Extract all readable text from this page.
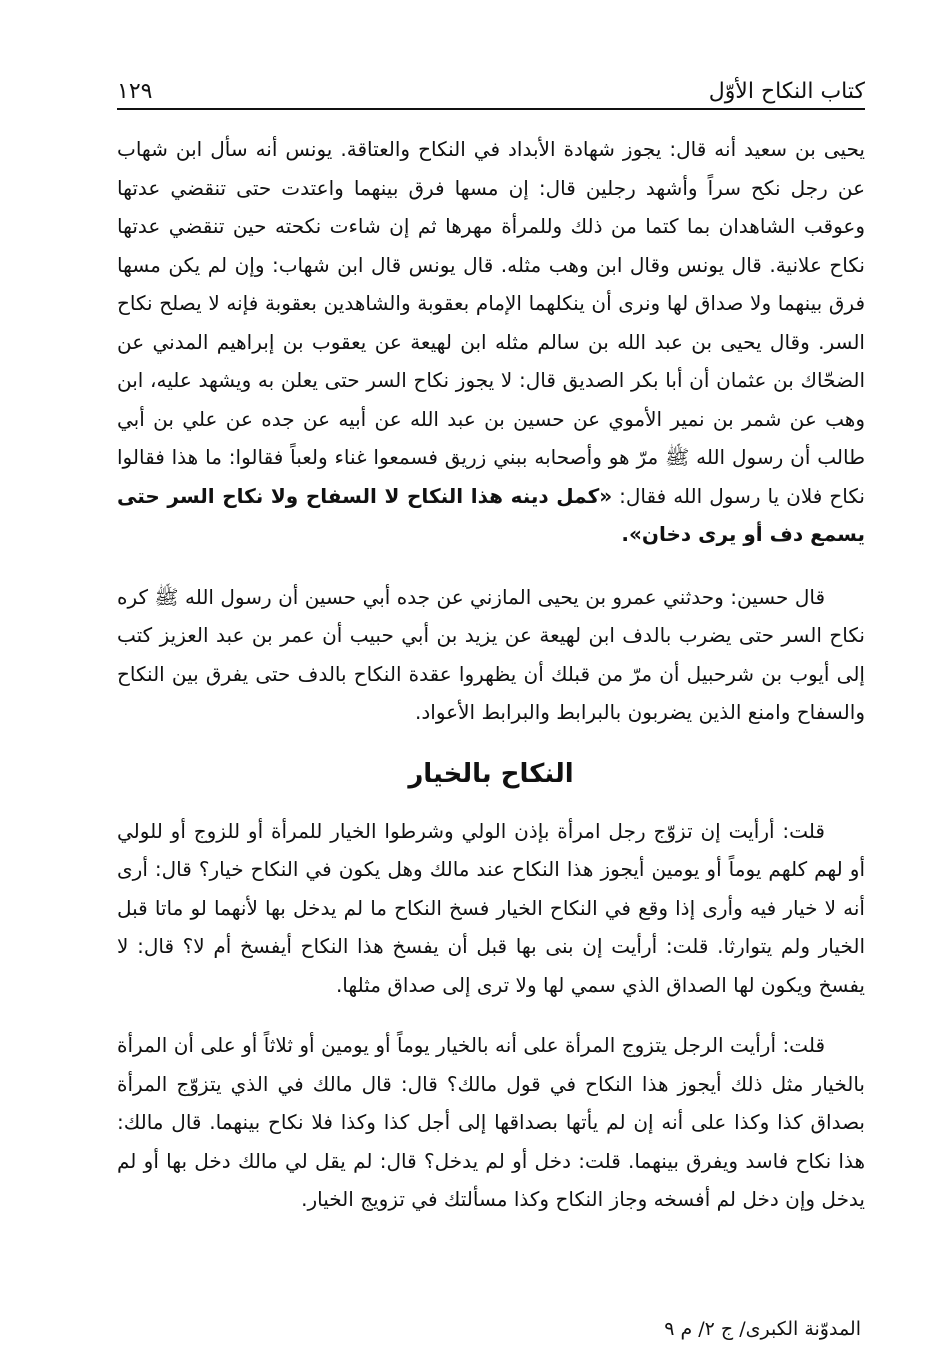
كتاب النكاح الأوّل
١٢٩

يحيى بن سعيد أنه قال: يجوز شهادة الأبداد في النكاح والعتاقة. يونس أنه سأل ابن شهاب عن رجل نكح سراً وأشهد رجلين قال: إن مسها فرق بينهما واعتدت حتى تنقضي عدتها وعوقب الشاهدان بما كتما من ذلك وللمرأة مهرها ثم إن شاءت نكحته حين تنقضي عدتها نكاح علانية. قال يونس وقال ابن وهب مثله. قال يونس قال ابن شهاب: وإن لم يكن مسها فرق بينهما ولا صداق لها ونرى أن ينكلهما الإمام بعقوبة والشاهدين بعقوبة فإنه لا يصلح نكاح السر. وقال يحيى بن عبد الله بن سالم مثله ابن لهيعة عن يعقوب بن إبراهيم المدني عن الضحّاك بن عثمان أن أبا بكر الصديق قال: لا يجوز نكاح السر حتى يعلن به ويشهد عليه، ابن وهب عن شمر بن نمير الأموي عن حسين بن عبد الله عن أبيه عن جده عن علي بن أبي طالب أن رسول الله ﷺ مرّ هو وأصحابه ببني زريق فسمعوا غناء ولعباً فقالوا: ما هذا فقالوا نكاح فلان يا رسول الله فقال: «كمل دينه هذا النكاح لا السفاح ولا نكاح السر حتى يسمع دف أو يرى دخان».

قال حسين: وحدثني عمرو بن يحيى المازني عن جده أبي حسين أن رسول الله ﷺ كره نكاح السر حتى يضرب بالدف ابن لهيعة عن يزيد بن أبي حبيب أن عمر بن عبد العزيز كتب إلى أيوب بن شرحبيل أن مرّ من قبلك أن يظهروا عقدة النكاح بالدف حتى يفرق بين النكاح والسفاح وامنع الذين يضربون بالبرابط والبرابط الأعواد.

النكاح بالخيار

قلت: أرأيت إن تزوّج رجل امرأة بإذن الولي وشرطوا الخيار للمرأة أو للزوج أو للولي أو لهم كلهم يوماً أو يومين أيجوز هذا النكاح عند مالك وهل يكون في النكاح خيار؟ قال: أرى أنه لا خيار فيه وأرى إذا وقع في النكاح الخيار فسخ النكاح ما لم يدخل بها لأنهما لو ماتا قبل الخيار ولم يتوارثا. قلت: أرأيت إن بنى بها قبل أن يفسخ هذا النكاح أيفسخ أم لا؟ قال: لا يفسخ ويكون لها الصداق الذي سمي لها ولا ترى إلى صداق مثلها.

قلت: أرأيت الرجل يتزوج المرأة على أنه بالخيار يوماً أو يومين أو ثلاثاً أو على أن المرأة بالخيار مثل ذلك أيجوز هذا النكاح في قول مالك؟ قال: قال مالك في الذي يتزوّج المرأة بصداق كذا وكذا على أنه إن لم يأتها بصداقها إلى أجل كذا وكذا فلا نكاح بينهما. قال مالك: هذا نكاح فاسد ويفرق بينهما. قلت: دخل أو لم يدخل؟ قال: لم يقل لي مالك دخل بها أو لم يدخل وإن دخل لم أفسخه وجاز النكاح وكذا مسألتك في تزويج الخيار.

المدوّنة الكبرى/ ج ٢/ م ٩
